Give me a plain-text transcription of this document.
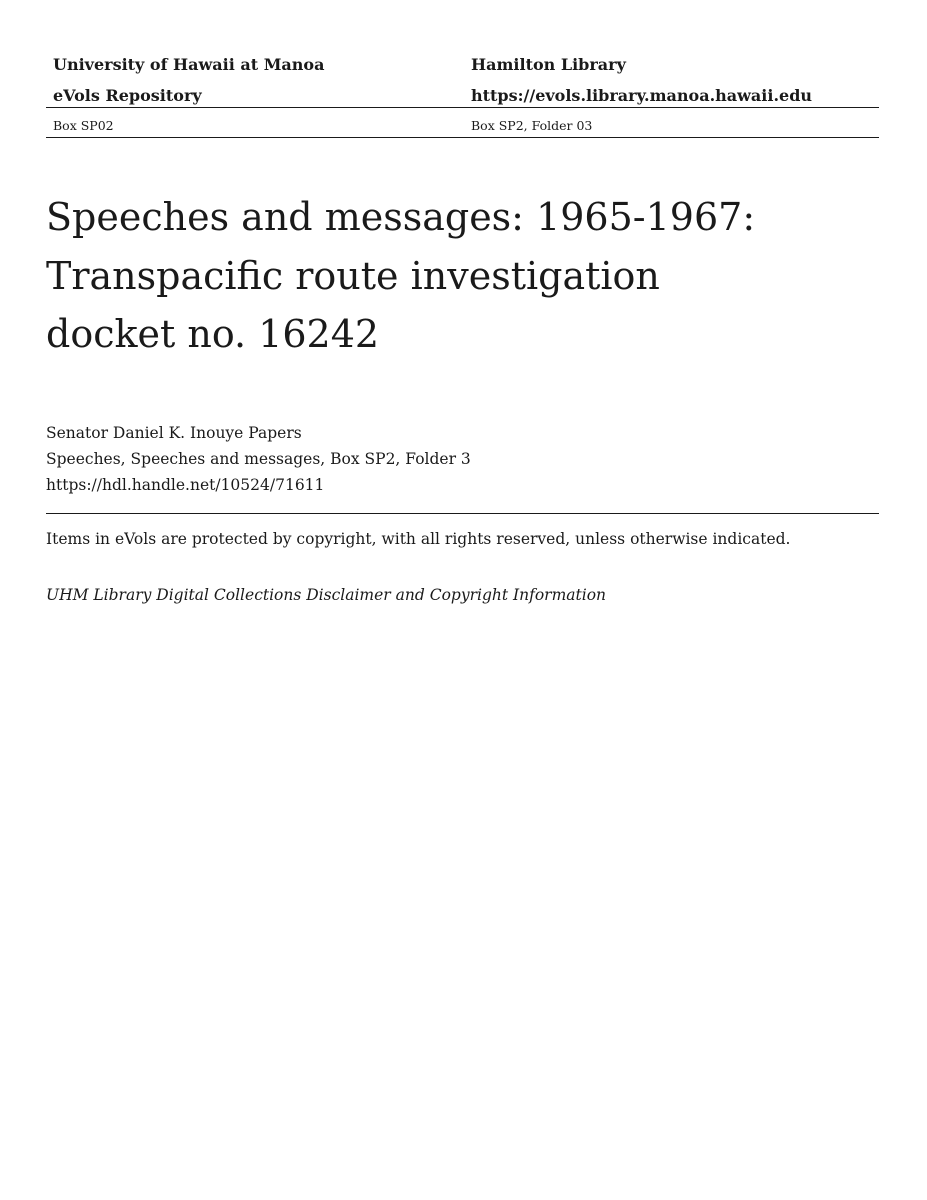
University of Hawaii at Manoa	Hamilton Library
eVols Repository	https://evols.library.manoa.hawaii.edu
Box SP02	Box SP2, Folder 03
Speeches and messages: 1965-1967:
Transpacific route investigation
docket no. 16242
Senator Daniel K. Inouye Papers
Speeches, Speeches and messages, Box SP2, Folder 3
https://hdl.handle.net/10524/71611
Items in eVols are protected by copyright, with all rights reserved, unless otherwise indicated.
UHM Library Digital Collections Disclaimer and Copyright Information
